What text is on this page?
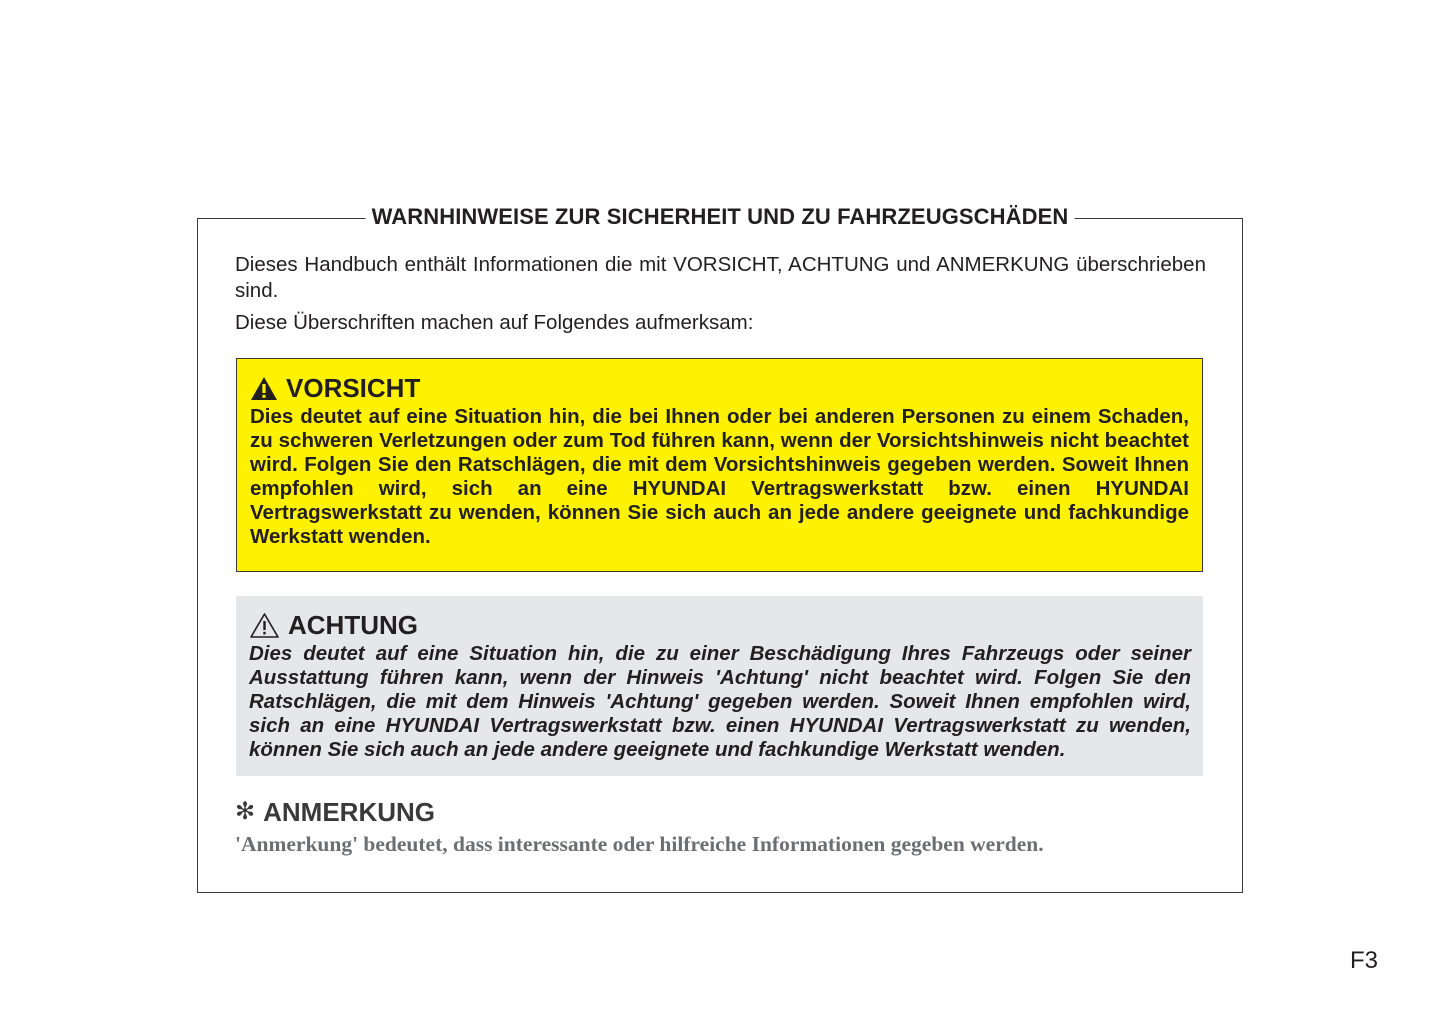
WARNHINWEISE ZUR SICHERHEIT UND ZU FAHRZEUGSCHÄDEN

Dieses Handbuch enthält Informationen die mit VORSICHT, ACHTUNG und ANMERKUNG überschrieben sind.

Diese Überschriften machen auf Folgendes aufmerksam:

VORSICHT
Dies deutet auf eine Situation hin, die bei Ihnen oder bei anderen Personen zu einem Schaden, zu schweren Verletzungen oder zum Tod führen kann, wenn der Vorsichtshinweis nicht beachtet wird. Folgen Sie den Ratschlägen, die mit dem Vorsichtshinweis gegeben werden. Soweit Ihnen empfohlen wird, sich an eine HYUNDAI Vertragswerkstatt bzw. einen HYUNDAI Vertragswerkstatt zu wenden, können Sie sich auch an jede andere geeignete und fachkundige Werkstatt wenden.
ACHTUNG
Dies deutet auf eine Situation hin, die zu einer Beschädigung Ihres Fahrzeugs oder seiner Ausstattung führen kann, wenn der Hinweis 'Achtung' nicht beachtet wird. Folgen Sie den Ratschlägen, die mit dem Hinweis 'Achtung' gegeben werden. Soweit Ihnen empfohlen wird, sich an eine HYUNDAI Vertragswerkstatt bzw. einen HYUNDAI Vertragswerkstatt zu wenden, können Sie sich auch an jede andere geeignete und fachkundige Werkstatt wenden.
✻ ANMERKUNG
'Anmerkung' bedeutet, dass interessante oder hilfreiche Informationen gegeben werden.
F3
